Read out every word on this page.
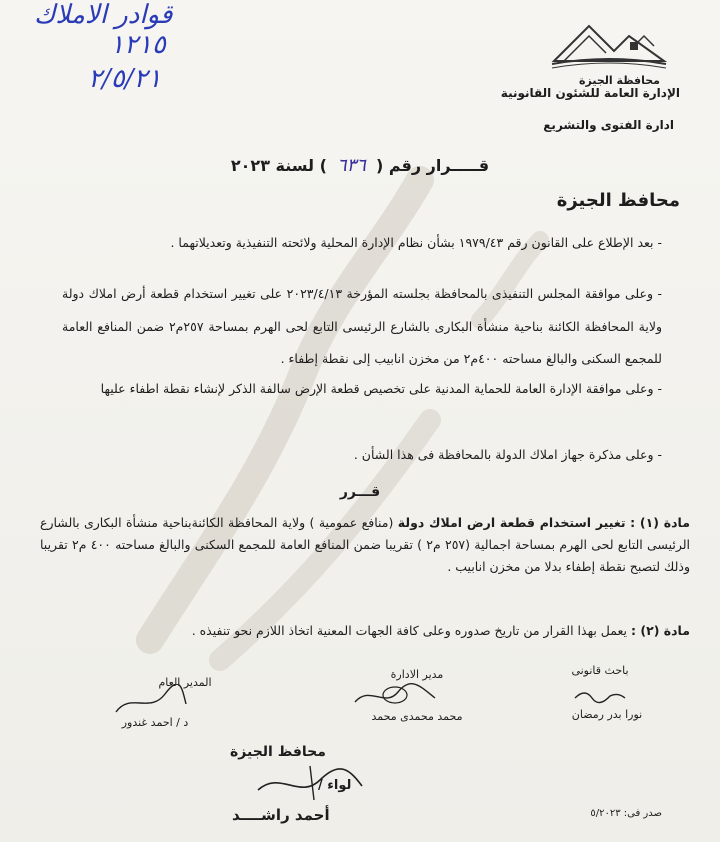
محافظة الجيزة
الإدارة العامة للشئون القانونية
ادارة الفتوى والتشريع
قوادر الاملاك
١٢١٥
٢/٥/٢١
قـــــرار رقم (٦٣٦) لسنة ٢٠٢٣
محافظ الجيزة
- بعد الإطلاع على القانون رقم ١٩٧٩/٤٣ بشأن نظام الإدارة المحلية ولائحته التنفيذية وتعديلاتهما .
- وعلى موافقة المجلس التنفيذى بالمحافظة بجلسته المؤرخة ٢٠٢٣/٤/١٣ على تغيير استخدام قطعة أرض املاك دولة ولاية المحافظة الكائنة بناحية منشأة البكارى بالشارع الرئيسى التابع لحى الهرم بمساحة ٢٥٧م٢ ضمن المنافع العامة للمجمع السكنى والبالغ مساحته ٤٠٠م٢ من مخزن انابيب إلى نقطة إطفاء .
- وعلى موافقة الإدارة العامة للحماية المدنية على تخصيص قطعة الإرض سالفة الذكر لإنشاء نقطة اطفاء عليها
- وعلى مذكرة جهاز املاك الدولة بالمحافظة فى هذا الشأن .
قـــرر
مادة (١) : تغيير استخدام قطعة ارض املاك دولة (منافع عمومية ) ولاية المحافظة الكائنةبناحية منشأة البكارى بالشارع الرئيسى التابع لحى الهرم بمساحة اجمالية (٢٥٧ م٢ ) تقريبا ضمن المنافع العامة للمجمع السكنى والبالغ مساحته ٤٠٠ م٢ تقريبا وذلك لتصبح نقطة إطفاء بدلا من مخزن انابيب .
مادة (٢) : يعمل بهذا القرار من تاريخ صدوره وعلى كافة الجهات المعنية اتخاذ اللازم نحو تنفيذه .
باحث قانونى
نورا بدر رمضان
مدير الادارة
محمد محمدى محمد
المدير العام
د / احمد غندور
محافظ الجيزة
لواء /
أحمد راشــــد	صدر فى: ٥/٢٠٢٣
